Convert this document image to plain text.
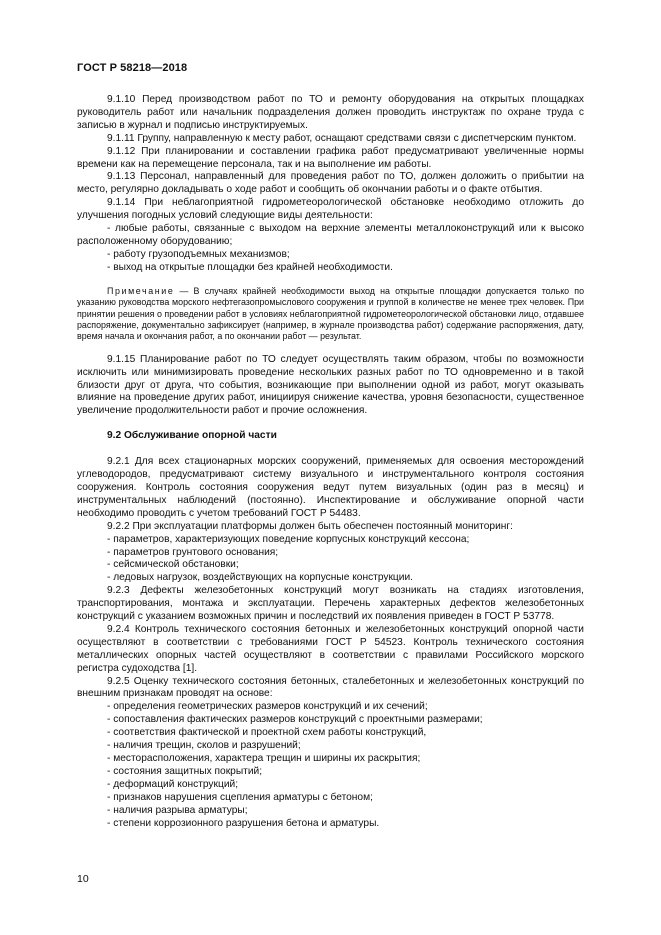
ГОСТ Р 58218—2018

9.1.10 Перед производством работ по ТО и ремонту оборудования на открытых площадках руководитель работ или начальник подразделения должен проводить инструктаж по охране труда с записью в журнал и подписью инструктируемых.

9.1.11 Группу, направленную к месту работ, оснащают средствами связи с диспетчерским пунктом.

9.1.12 При планировании и составлении графика работ предусматривают увеличенные нормы времени как на перемещение персонала, так и на выполнение им работы.

9.1.13 Персонал, направленный для проведения работ по ТО, должен доложить о прибытии на место, регулярно докладывать о ходе работ и сообщить об окончании работы и о факте отбытия.

9.1.14 При неблагоприятной гидрометеорологической обстановке необходимо отложить до улучшения погодных условий следующие виды деятельности:

- любые работы, связанные с выходом на верхние элементы металлоконструкций или к высоко расположенному оборудованию;

- работу грузоподъемных механизмов;

- выход на открытые площадки без крайней необходимости.

Примечание — В случаях крайней необходимости выход на открытые площадки допускается только по указанию руководства морского нефтегазопромыслового сооружения и группой в количестве не менее трех человек. При принятии решения о проведении работ в условиях неблагоприятной гидрометеорологической обстановки лицо, отдавшее распоряжение, документально зафиксирует (например, в журнале производства работ) содержание распоряжения, дату, время начала и окончания работ, а по окончании работ — результат.

9.1.15 Планирование работ по ТО следует осуществлять таким образом, чтобы по возможности исключить или минимизировать проведение нескольких разных работ по ТО одновременно и в такой близости друг от друга, что события, возникающие при выполнении одной из работ, могут оказывать влияние на проведение других работ, инициируя снижение качества, уровня безопасности, существенное увеличение продолжительности работ и прочие осложнения.

9.2 Обслуживание опорной части

9.2.1 Для всех стационарных морских сооружений, применяемых для освоения месторождений углеводородов, предусматривают систему визуального и инструментального контроля состояния сооружения. Контроль состояния сооружения ведут путем визуальных (один раз в месяц) и инструментальных наблюдений (постоянно). Инспектирование и обслуживание опорной части необходимо проводить с учетом требований ГОСТ Р 54483.

9.2.2 При эксплуатации платформы должен быть обеспечен постоянный мониторинг:

- параметров, характеризующих поведение корпусных конструкций кессона;

- параметров грунтового основания;

- сейсмической обстановки;

- ледовых нагрузок, воздействующих на корпусные конструкции.

9.2.3 Дефекты железобетонных конструкций могут возникать на стадиях изготовления, транспортирования, монтажа и эксплуатации. Перечень характерных дефектов железобетонных конструкций с указанием возможных причин и последствий их появления приведен в ГОСТ Р 53778.

9.2.4 Контроль технического состояния бетонных и железобетонных конструкций опорной части осуществляют в соответствии с требованиями ГОСТ Р 54523. Контроль технического состояния металлических опорных частей осуществляют в соответствии с правилами Российского морского регистра судоходства [1].

9.2.5 Оценку технического состояния бетонных, сталебетонных и железобетонных конструкций по внешним признакам проводят на основе:

- определения геометрических размеров конструкций и их сечений;

- сопоставления фактических размеров конструкций с проектными размерами;

- соответствия фактической и проектной схем работы конструкций,

- наличия трещин, сколов и разрушений;

- месторасположения, характера трещин и ширины их раскрытия;

- состояния защитных покрытий;

- деформаций конструкций;

- признаков нарушения сцепления арматуры с бетоном;

- наличия разрыва арматуры;

- степени коррозионного разрушения бетона и арматуры.

10
